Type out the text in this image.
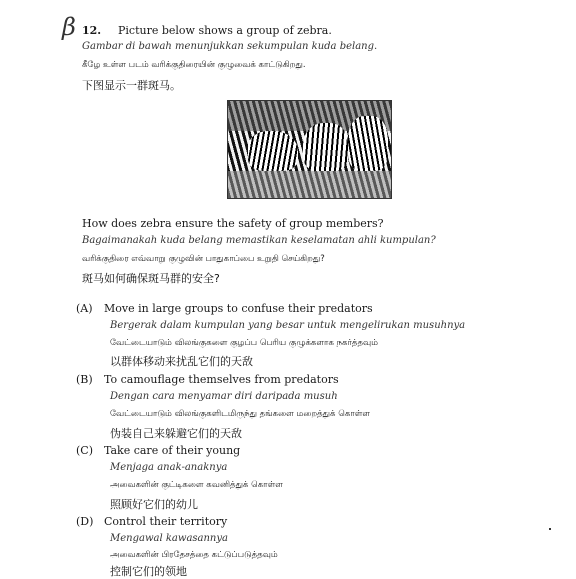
β 12. Picture below shows a group of zebra.
Gambar di bawah menunjukkan sekumpulan kuda belang.
கீழே உள்ள படம் வரிக்குதிரையின் குழுவைக் காட்டுகிறது.
下图显示一群斑马。
How does zebra ensure the safety of group members?
Bagaimanakah kuda belang memastikan keselamatan ahli kumpulan?
வரிக்குதிரை எவ்வாறு குழுவின் பாதுகாப்பை உறுதி செய்கிறது?
斑马如何确保斑马群的安全?
(A) Move in large groups to confuse their predators
Bergerak dalam kumpulan yang besar untuk mengelirukan musuhnya
வேட்டையாடும் விலங்குகளை குழப்ப பெரிய குழுக்களாக நகர்த்தவும்
以群体移动来扰乱它们的天敌
(B) To camouflage themselves from predators
Dengan cara menyamar diri daripada musuh
வேட்டையாடும் விலங்குகளிடமிருந்து தங்களை மறைத்துக் கொள்ள
伪装自己来躲避它们的天敌
(C) Take care of their young
Menjaga anak-anaknya
அவைகளின் குட்டிகளை கவனித்துக் கொள்ள
照顾好它们的幼儿
(D) Control their territory
Mengawal kawasannya
அவைகளின் பிரதேசத்தை கட்டுப்படுத்தவும்
控制它们的领地
